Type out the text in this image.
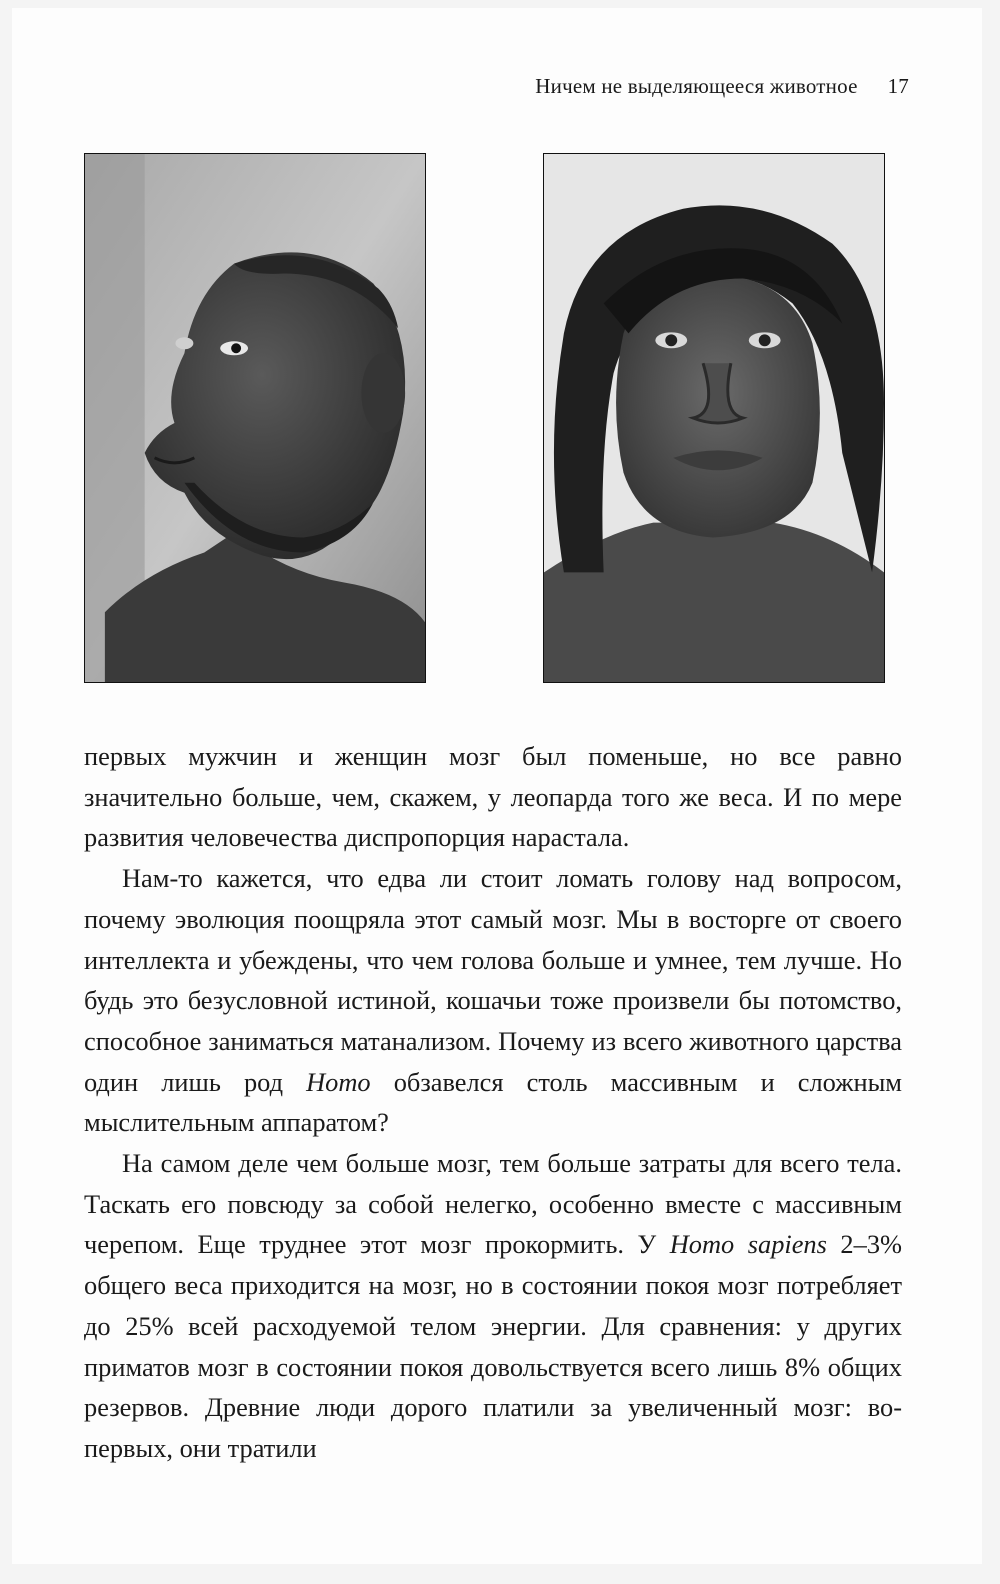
Ничем не выделяющееся животное 17

первых мужчин и женщин мозг был поменьше, но все равно значительно больше, чем, скажем, у леопарда того же веса. И по мере развития человечества диспропорция нарастала.

Нам-то кажется, что едва ли стоит ломать голову над вопросом, почему эволюция поощряла этот самый мозг. Мы в восторге от своего интеллекта и убеждены, что чем голова больше и умнее, тем лучше. Но будь это безусловной истиной, кошачьи тоже произвели бы потомство, способное заниматься матанализом. Почему из всего животного царства один лишь род Homo обзавелся столь массивным и сложным мыслительным аппаратом?

На самом деле чем больше мозг, тем больше затраты для всего тела. Таскать его повсюду за собой нелегко, особенно вместе с массивным черепом. Еще труднее этот мозг прокормить. У Homo sapiens 2–3% общего веса приходится на мозг, но в состоянии покоя мозг потребляет до 25% всей расходуемой телом энергии. Для сравнения: у других приматов мозг в состоянии покоя довольствуется всего лишь 8% общих резервов. Древние люди дорого платили за увеличенный мозг: во-первых, они тратили
